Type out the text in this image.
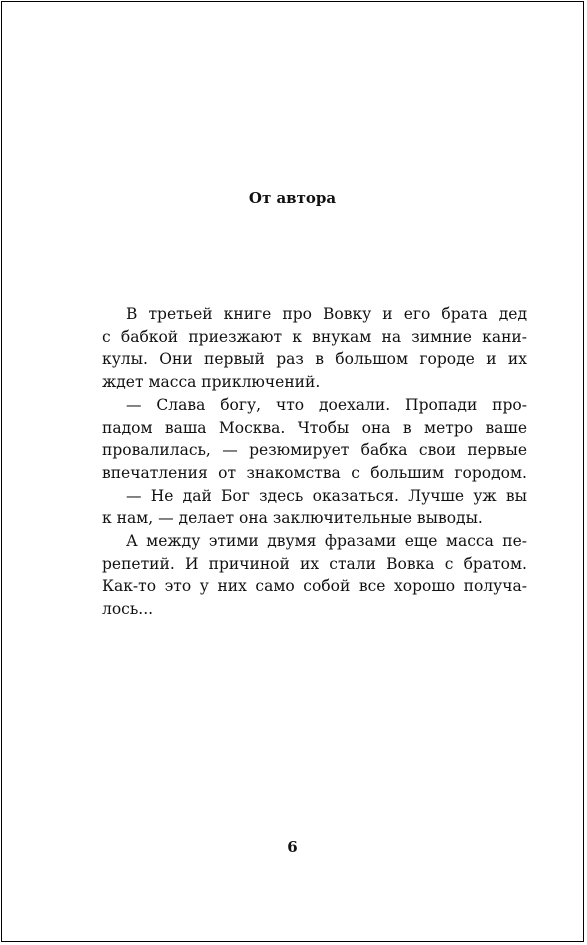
От автора
В третьей книге про Вовку и его брата дед
с бабкой приезжают к внукам на зимние кани-
кулы. Они первый раз в большом городе и их
ждет масса приключений.
— Слава богу, что доехали. Пропади про-
падом ваша Москва. Чтобы она в метро ваше
провалилась, — резюмирует бабка свои первые
впечатления от знакомства с большим городом.
— Не дай Бог здесь оказаться. Лучше уж вы
к нам, — делает она заключительные выводы.
А между этими двумя фразами еще масса пе-
репетий. И причиной их стали Вовка с братом.
Как-то это у них само собой все хорошо получа-
лось...
6
